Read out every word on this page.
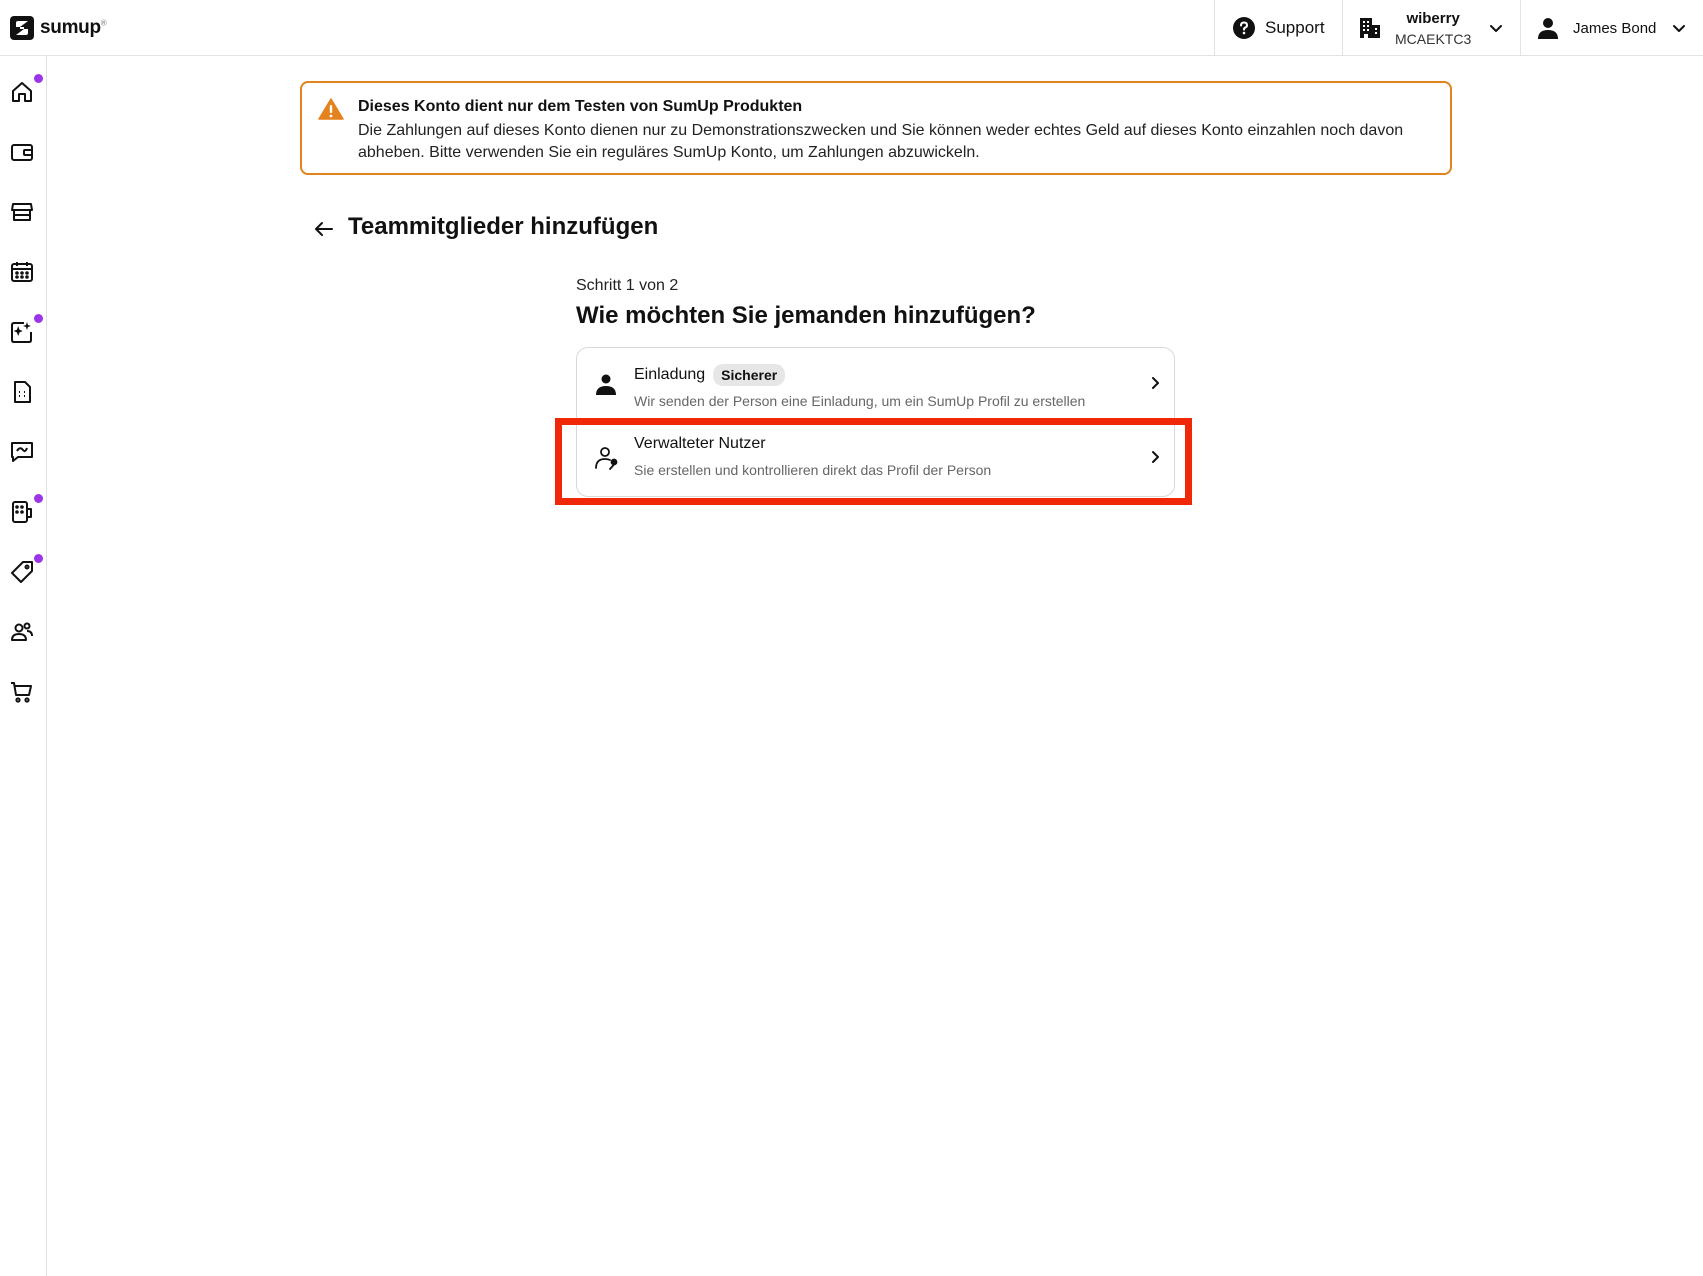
sumup®	Support	wiberry
MCAEKTC3
James Bond
Dieses Konto dient nur dem Testen von SumUp Produkten
Die Zahlungen auf dieses Konto dienen nur zu Demonstrationszwecken und Sie können weder echtes Geld auf dieses Konto einzahlen noch davon abheben. Bitte verwenden Sie ein reguläres SumUp Konto, um Zahlungen abzuwickeln.
Teammitglieder hinzufügen
Schritt 1 von 2
Wie möchten Sie jemanden hinzufügen?
Einladung	Sicherer
Wir senden der Person eine Einladung, um ein SumUp Profil zu erstellen
Verwalteter Nutzer
Sie erstellen und kontrollieren direkt das Profil der Person
